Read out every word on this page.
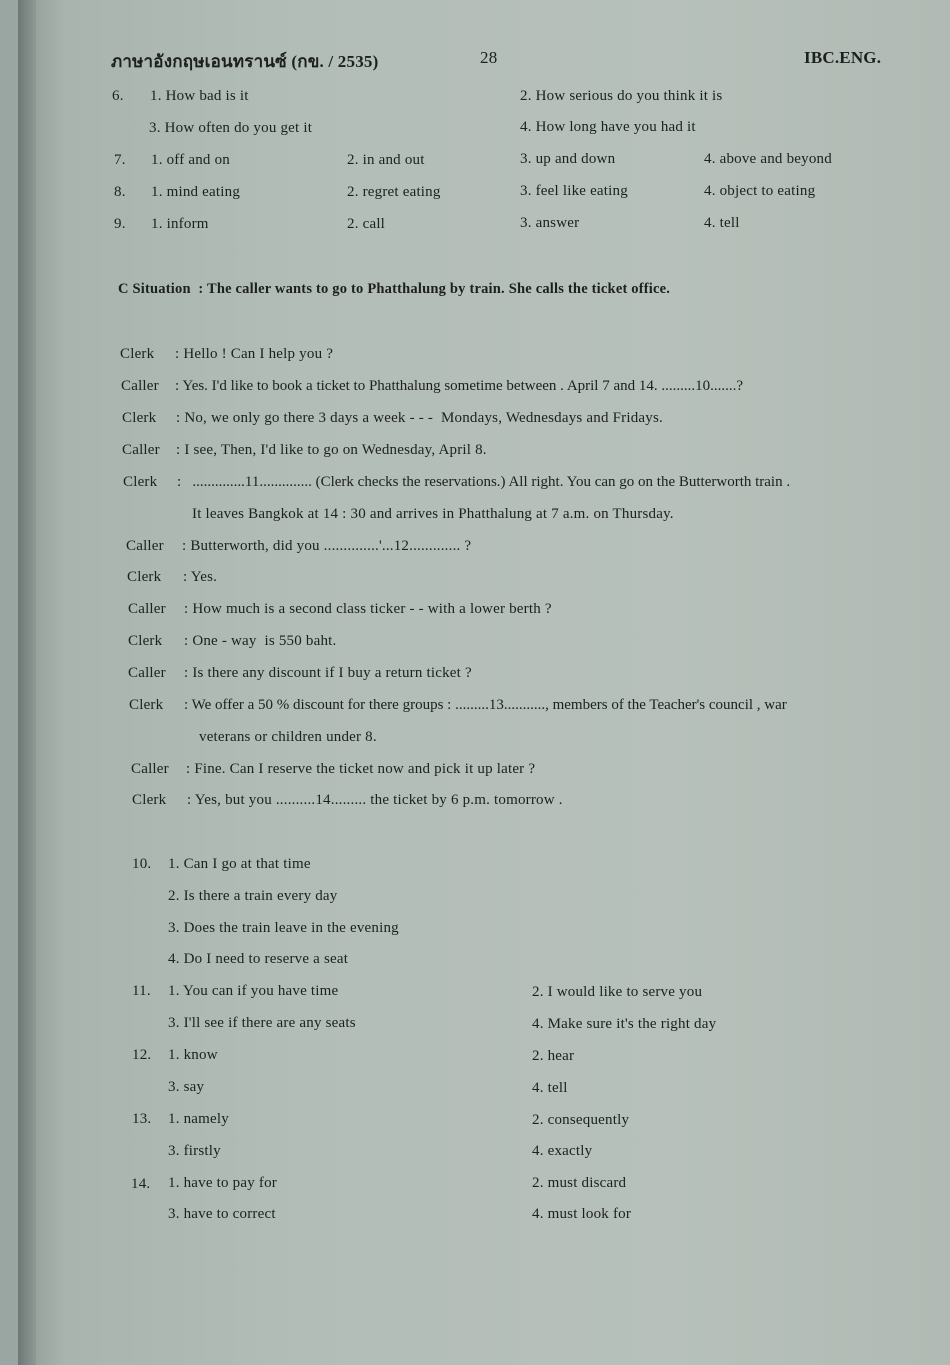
ภาษาอังกฤษเอนทรานซ์ (กข. / 2535)	28	IBC.ENG.
6. 1. How bad is it	2. How serious do you think it is
3. How often do you get it	4. How long have you had it
7. 1. off and on	2. in and out	3. up and down	4. above and beyond
8. 1. mind eating	2. regret eating	3. feel like eating	4. object to eating
9. 1. inform	2. call	3. answer	4. tell
C Situation  : The caller wants to go to Phatthalung by train. She calls the ticket office.
Clerk : Hello ! Can I help you ?
Caller : Yes. I'd like to book a ticket to Phatthalung sometime between . April 7 and 14. .........10.......?
Clerk : No, we only go there 3 days a week - - -  Mondays, Wednesdays and Fridays.
Caller : I see, Then, I'd like to go on Wednesday, April 8.
Clerk :   ..............11.............. (Clerk checks the reservations.) All right. You can go on the Butterworth train .
It leaves Bangkok at 14 : 30 and arrives in Phatthalung at 7 a.m. on Thursday.
Caller : Butterworth, did you ..............'...12............. ?
Clerk : Yes.
Caller : How much is a second class ticker - - with a lower berth ?
Clerk : One - way  is 550 baht.
Caller : Is there any discount if I buy a return ticket ?
Clerk : We offer a 50 % discount for there groups : .........13..........., members of the Teacher's council , war
veterans or children under 8.
Caller : Fine. Can I reserve the ticket now and pick it up later ?
Clerk : Yes, but you ..........14......... the ticket by 6 p.m. tomorrow .
10. 1. Can I go at that time
2. Is there a train every day
3. Does the train leave in the evening
4. Do I need to reserve a seat
11. 1. You can if you have time	2. I would like to serve you
3. I'll see if there are any seats	4. Make sure it's the right day
12. 1. know	2. hear
3. say	4. tell
13. 1. namely	2. consequently
3. firstly	4. exactly
14. 1. have to pay for	2. must discard
3. have to correct	4. must look for
